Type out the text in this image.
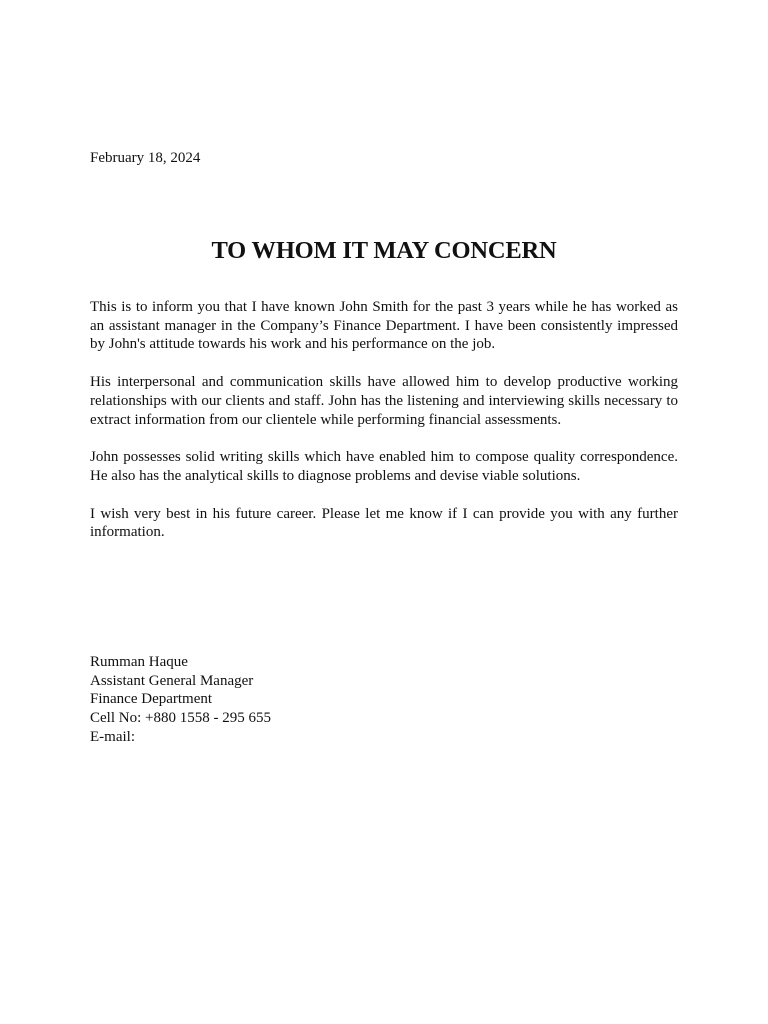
February 18, 2024
TO WHOM IT MAY CONCERN

This is to inform you that I have known John Smith for the past 3 years while he has worked as an assistant manager in the Company’s Finance Department. I have been consistently impressed by John's attitude towards his work and his performance on the job.

His interpersonal and communication skills have allowed him to develop productive working relationships with our clients and staff. John has the listening and interviewing skills necessary to extract information from our clientele while performing financial assessments.

John possesses solid writing skills which have enabled him to compose quality correspondence. He also has the analytical skills to diagnose problems and devise viable solutions.

I wish very best in his future career. Please let me know if I can provide you with any further information.

Rumman Haque
Assistant General Manager
Finance Department
Cell No: +880 1558 - 295 655
E-mail:
